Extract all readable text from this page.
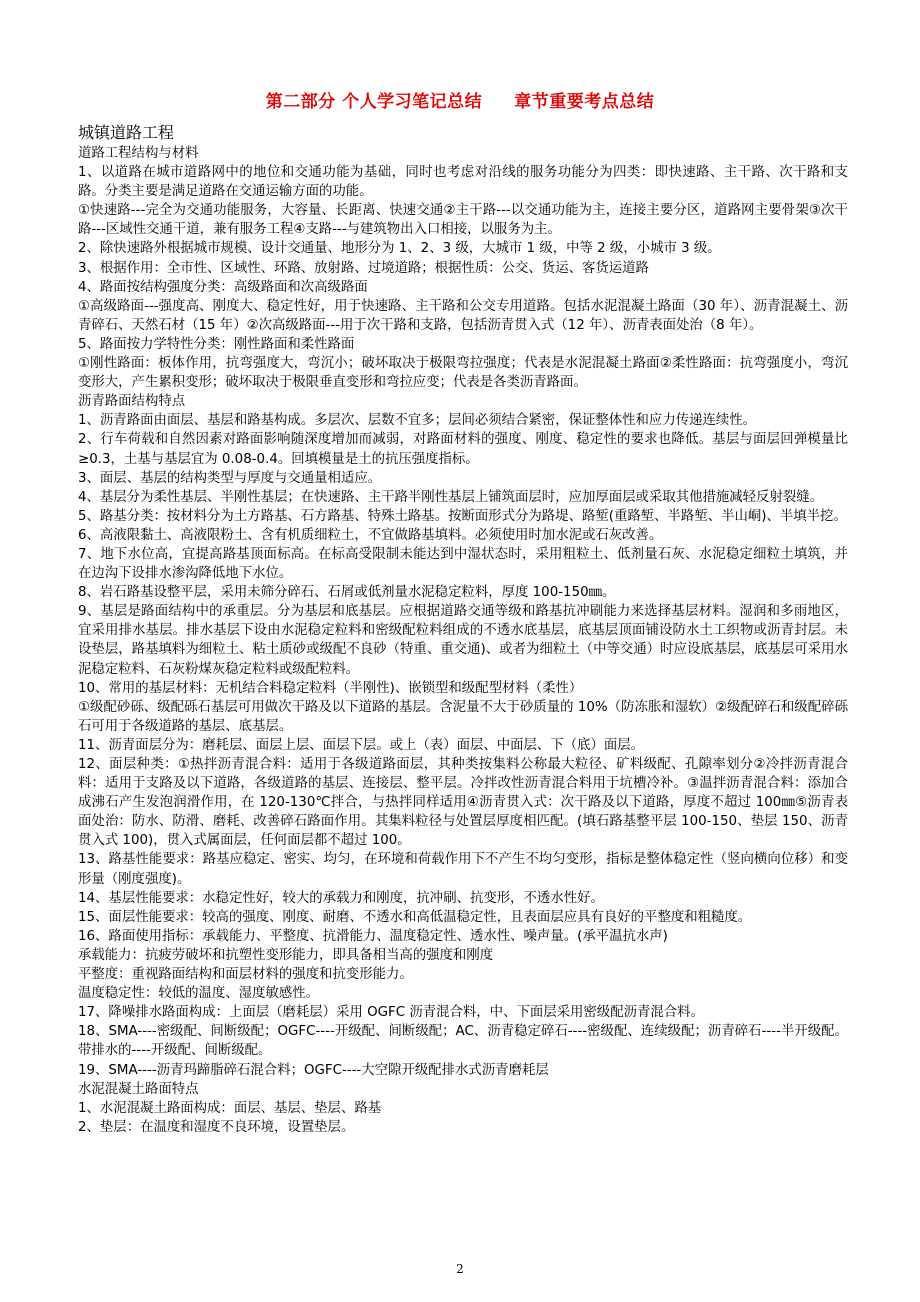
第二部分 个人学习笔记总结     章节重要考点总结
城镇道路工程
道路工程结构与材料
1、以道路在城市道路网中的地位和交通功能为基础，同时也考虑对沿线的服务功能分为四类：即快速路、主干路、次干路和支路。分类主要是满足道路在交通运输方面的功能。
①快速路---完全为交通功能服务，大容量、长距离、快速交通②主干路---以交通功能为主，连接主要分区，道路网主要骨架③次干路---区域性交通干道，兼有服务工程④支路---与建筑物出入口相接，以服务为主。
2、除快速路外根据城市规模、设计交通量、地形分为 1、2、3 级，大城市 1 级，中等 2 级，小城市 3 级。
3、根据作用：全市性、区域性、环路、放射路、过境道路；根据性质：公交、货运、客货运道路
4、路面按结构强度分类：高级路面和次高级路面
①高级路面---强度高、刚度大、稳定性好，用于快速路、主干路和公交专用道路。包括水泥混凝土路面（30 年）、沥青混凝土、沥青碎石、天然石材（15 年）②次高级路面---用于次干路和支路，包括沥青贯入式（12 年）、沥青表面处治（8 年）。
5、路面按力学特性分类：刚性路面和柔性路面
①刚性路面：板体作用，抗弯强度大，弯沉小；破坏取决于极限弯拉强度；代表是水泥混凝土路面②柔性路面：抗弯强度小，弯沉变形大，产生累积变形；破坏取决于极限垂直变形和弯拉应变；代表是各类沥青路面。
沥青路面结构特点
1、沥青路面由面层、基层和路基构成。多层次、层数不宜多；层间必须结合紧密，保证整体性和应力传递连续性。
2、行车荷载和自然因素对路面影响随深度增加而减弱，对路面材料的强度、刚度、稳定性的要求也降低。基层与面层回弹模量比≥0.3，土基与基层宜为 0.08-0.4。回填模量是土的抗压强度指标。
3、面层、基层的结构类型与厚度与交通量相适应。
4、基层分为柔性基层、半刚性基层；在快速路、主干路半刚性基层上铺筑面层时，应加厚面层或采取其他措施减轻反射裂缝。
5、路基分类：按材料分为土方路基、石方路基、特殊土路基。按断面形式分为路堤、路堑(重路堑、半路堑、半山峒)、半填半挖。
6、高液限黏土、高液限粉土、含有机质细粒土，不宜做路基填料。必须使用时加水泥或石灰改善。
7、地下水位高，宜提高路基顶面标高。在标高受限制未能达到中湿状态时，采用粗粒土、低剂量石灰、水泥稳定细粒土填筑，并在边沟下设排水渗沟降低地下水位。
8、岩石路基设整平层，采用未筛分碎石、石屑或低剂量水泥稳定粒料，厚度 100-150㎜。
9、基层是路面结构中的承重层。分为基层和底基层。应根据道路交通等级和路基抗冲刷能力来选择基层材料。湿润和多雨地区，宜采用排水基层。排水基层下设由水泥稳定粒料和密级配粒料组成的不透水底基层，底基层顶面铺设防水土工织物或沥青封层。未设垫层，路基填料为细粒土、粘土质砂或级配不良砂（特重、重交通)、或者为细粒土（中等交通）时应设底基层，底基层可采用水泥稳定粒料、石灰粉煤灰稳定粒料或级配粒料。
10、常用的基层材料：无机结合料稳定粒料（半刚性)、嵌锁型和级配型材料（柔性）
①级配砂砾、级配砾石基层可用做次干路及以下道路的基层。含泥量不大于砂质量的 10%（防冻胀和湿软）②级配碎石和级配碎砾石可用于各级道路的基层、底基层。
11、沥青面层分为：磨耗层、面层上层、面层下层。或上（表）面层、中面层、下（底）面层。
12、面层种类：①热拌沥青混合料：适用于各级道路面层，其种类按集料公称最大粒径、矿料级配、孔隙率划分②冷拌沥青混合料：适用于支路及以下道路，各级道路的基层、连接层、整平层。冷拌改性沥青混合料用于坑槽冷补。③温拌沥青混合料：添加合成沸石产生发泡润滑作用，在 120-130℃拌合，与热拌同样适用④沥青贯入式：次干路及以下道路，厚度不超过 100㎜⑤沥青表面处治：防水、防滑、磨耗、改善碎石路面作用。其集料粒径与处置层厚度相匹配。(填石路基整平层 100-150、垫层 150、沥青贯入式 100)，贯入式属面层，任何面层都不超过 100。
13、路基性能要求：路基应稳定、密实、均匀，在环境和荷载作用下不产生不均匀变形，指标是整体稳定性（竖向横向位移）和变形量（刚度强度)。
14、基层性能要求：水稳定性好，较大的承载力和刚度，抗冲刷、抗变形，不透水性好。
15、面层性能要求：较高的强度、刚度、耐磨、不透水和高低温稳定性，且表面层应具有良好的平整度和粗糙度。
16、路面使用指标：承载能力、平整度、抗滑能力、温度稳定性、透水性、噪声量。(承平温抗水声)
承载能力：抗疲劳破坏和抗塑性变形能力，即具备相当高的强度和刚度
平整度：重视路面结构和面层材料的强度和抗变形能力。
温度稳定性：较低的温度、湿度敏感性。
17、降噪排水路面构成：上面层（磨耗层）采用 OGFC 沥青混合料，中、下面层采用密级配沥青混合料。
18、SMA----密级配、间断级配；OGFC----开级配、间断级配；AC、沥青稳定碎石----密级配、连续级配；沥青碎石----半开级配。带排水的----开级配、间断级配。
19、SMA----沥青玛蹄脂碎石混合料；OGFC----大空隙开级配排水式沥青磨耗层
水泥混凝土路面特点
1、水泥混凝土路面构成：面层、基层、垫层、路基
2、垫层：在温度和湿度不良环境，设置垫层。
2
